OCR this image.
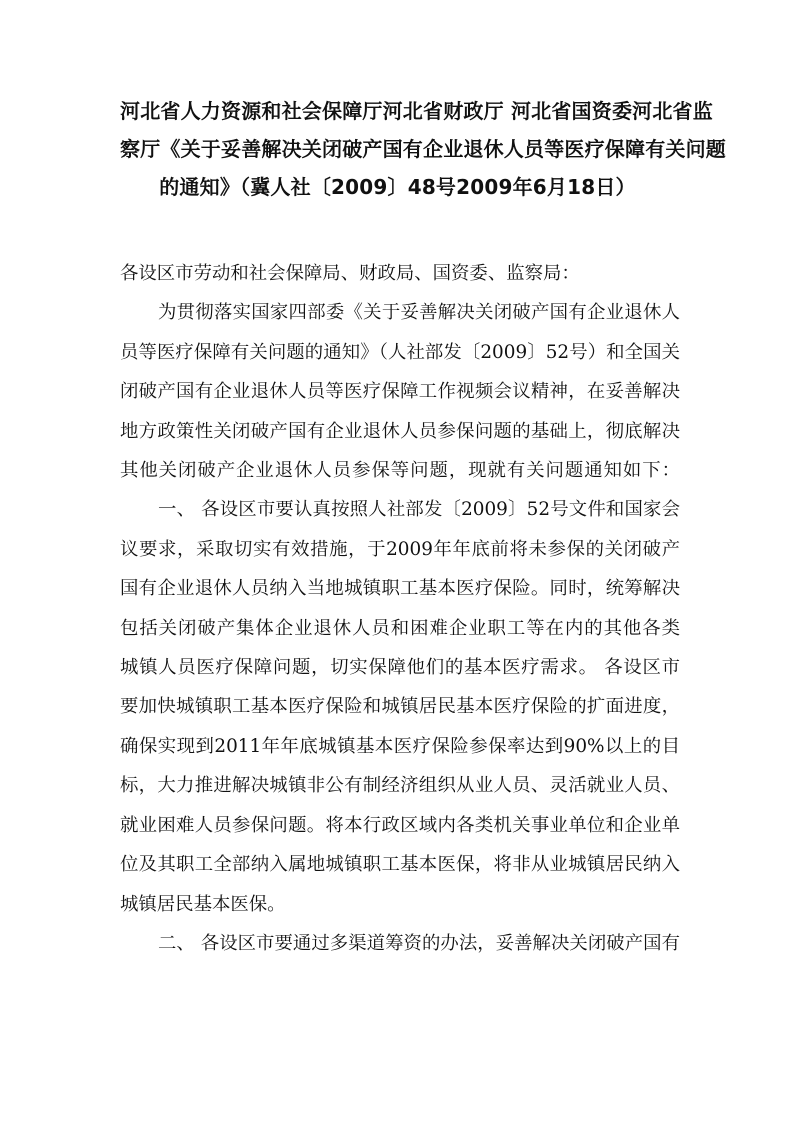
河北省人力资源和社会保障厅河北省财政厅 河北省国资委河北省监
察厅《关于妥善解决关闭破产国有企业退休人员等医疗保障有关问题
的通知》（冀人社〔2009〕48号2009年6月18日）
各设区市劳动和社会保障局、财政局、国资委、监察局：
为贯彻落实国家四部委《关于妥善解决关闭破产国有企业退休人
员等医疗保障有关问题的通知》（人社部发〔2009〕52号）和全国关
闭破产国有企业退休人员等医疗保障工作视频会议精神，在妥善解决
地方政策性关闭破产国有企业退休人员参保问题的基础上，彻底解决
其他关闭破产企业退休人员参保等问题，现就有关问题通知如下：
一、 各设区市要认真按照人社部发〔2009〕52号文件和国家会
议要求，采取切实有效措施，于2009年年底前将未参保的关闭破产
国有企业退休人员纳入当地城镇职工基本医疗保险。同时，统筹解决
包括关闭破产集体企业退休人员和困难企业职工等在内的其他各类
城镇人员医疗保障问题，切实保障他们的基本医疗需求。 各设区市
要加快城镇职工基本医疗保险和城镇居民基本医疗保险的扩面进度，
确保实现到2011年年底城镇基本医疗保险参保率达到90%以上的目
标，大力推进解决城镇非公有制经济组织从业人员、灵活就业人员、
就业困难人员参保问题。将本行政区域内各类机关事业单位和企业单
位及其职工全部纳入属地城镇职工基本医保，将非从业城镇居民纳入
城镇居民基本医保。
二、 各设区市要通过多渠道筹资的办法，妥善解决关闭破产国有
